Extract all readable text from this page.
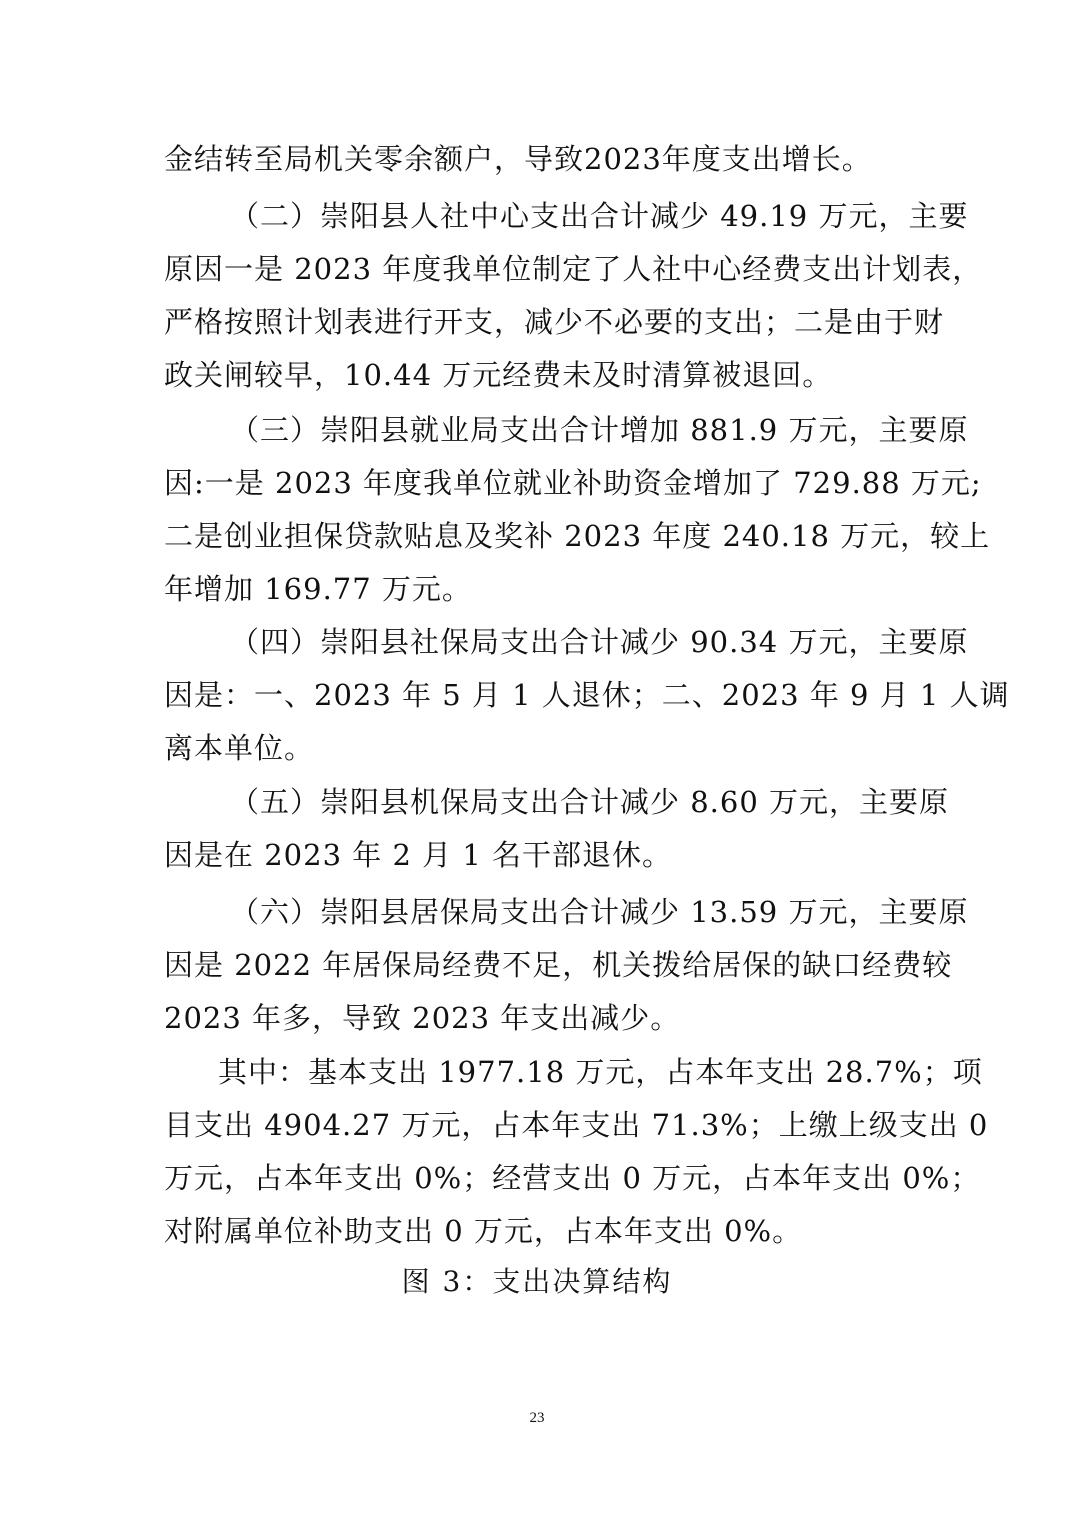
金结转至局机关零余额户，导致2023年度支出增长。
（二）崇阳县人社中心支出合计减少 49.19 万元，主要
原因一是 2023 年度我单位制定了人社中心经费支出计划表，
严格按照计划表进行开支，减少不必要的支出；二是由于财
政关闸较早，10.44 万元经费未及时清算被退回。
（三）崇阳县就业局支出合计增加 881.9 万元，主要原
因:一是 2023 年度我单位就业补助资金增加了 729.88 万元;
二是创业担保贷款贴息及奖补 2023 年度 240.18 万元，较上
年增加 169.77 万元。
（四）崇阳县社保局支出合计减少 90.34 万元，主要原
因是：一、2023 年 5 月 1 人退休；二、2023 年 9 月 1 人调
离本单位。
（五）崇阳县机保局支出合计减少 8.60 万元，主要原
因是在 2023 年 2 月 1 名干部退休。
（六）崇阳县居保局支出合计减少 13.59 万元，主要原
因是 2022 年居保局经费不足，机关拨给居保的缺口经费较
2023 年多，导致 2023 年支出减少。
其中：基本支出 1977.18 万元，占本年支出 28.7%；项
目支出 4904.27 万元，占本年支出 71.3%；上缴上级支出 0
万元，占本年支出 0%；经营支出 0 万元，占本年支出 0%；
对附属单位补助支出 0 万元，占本年支出 0%。
图 3：支出决算结构
23
